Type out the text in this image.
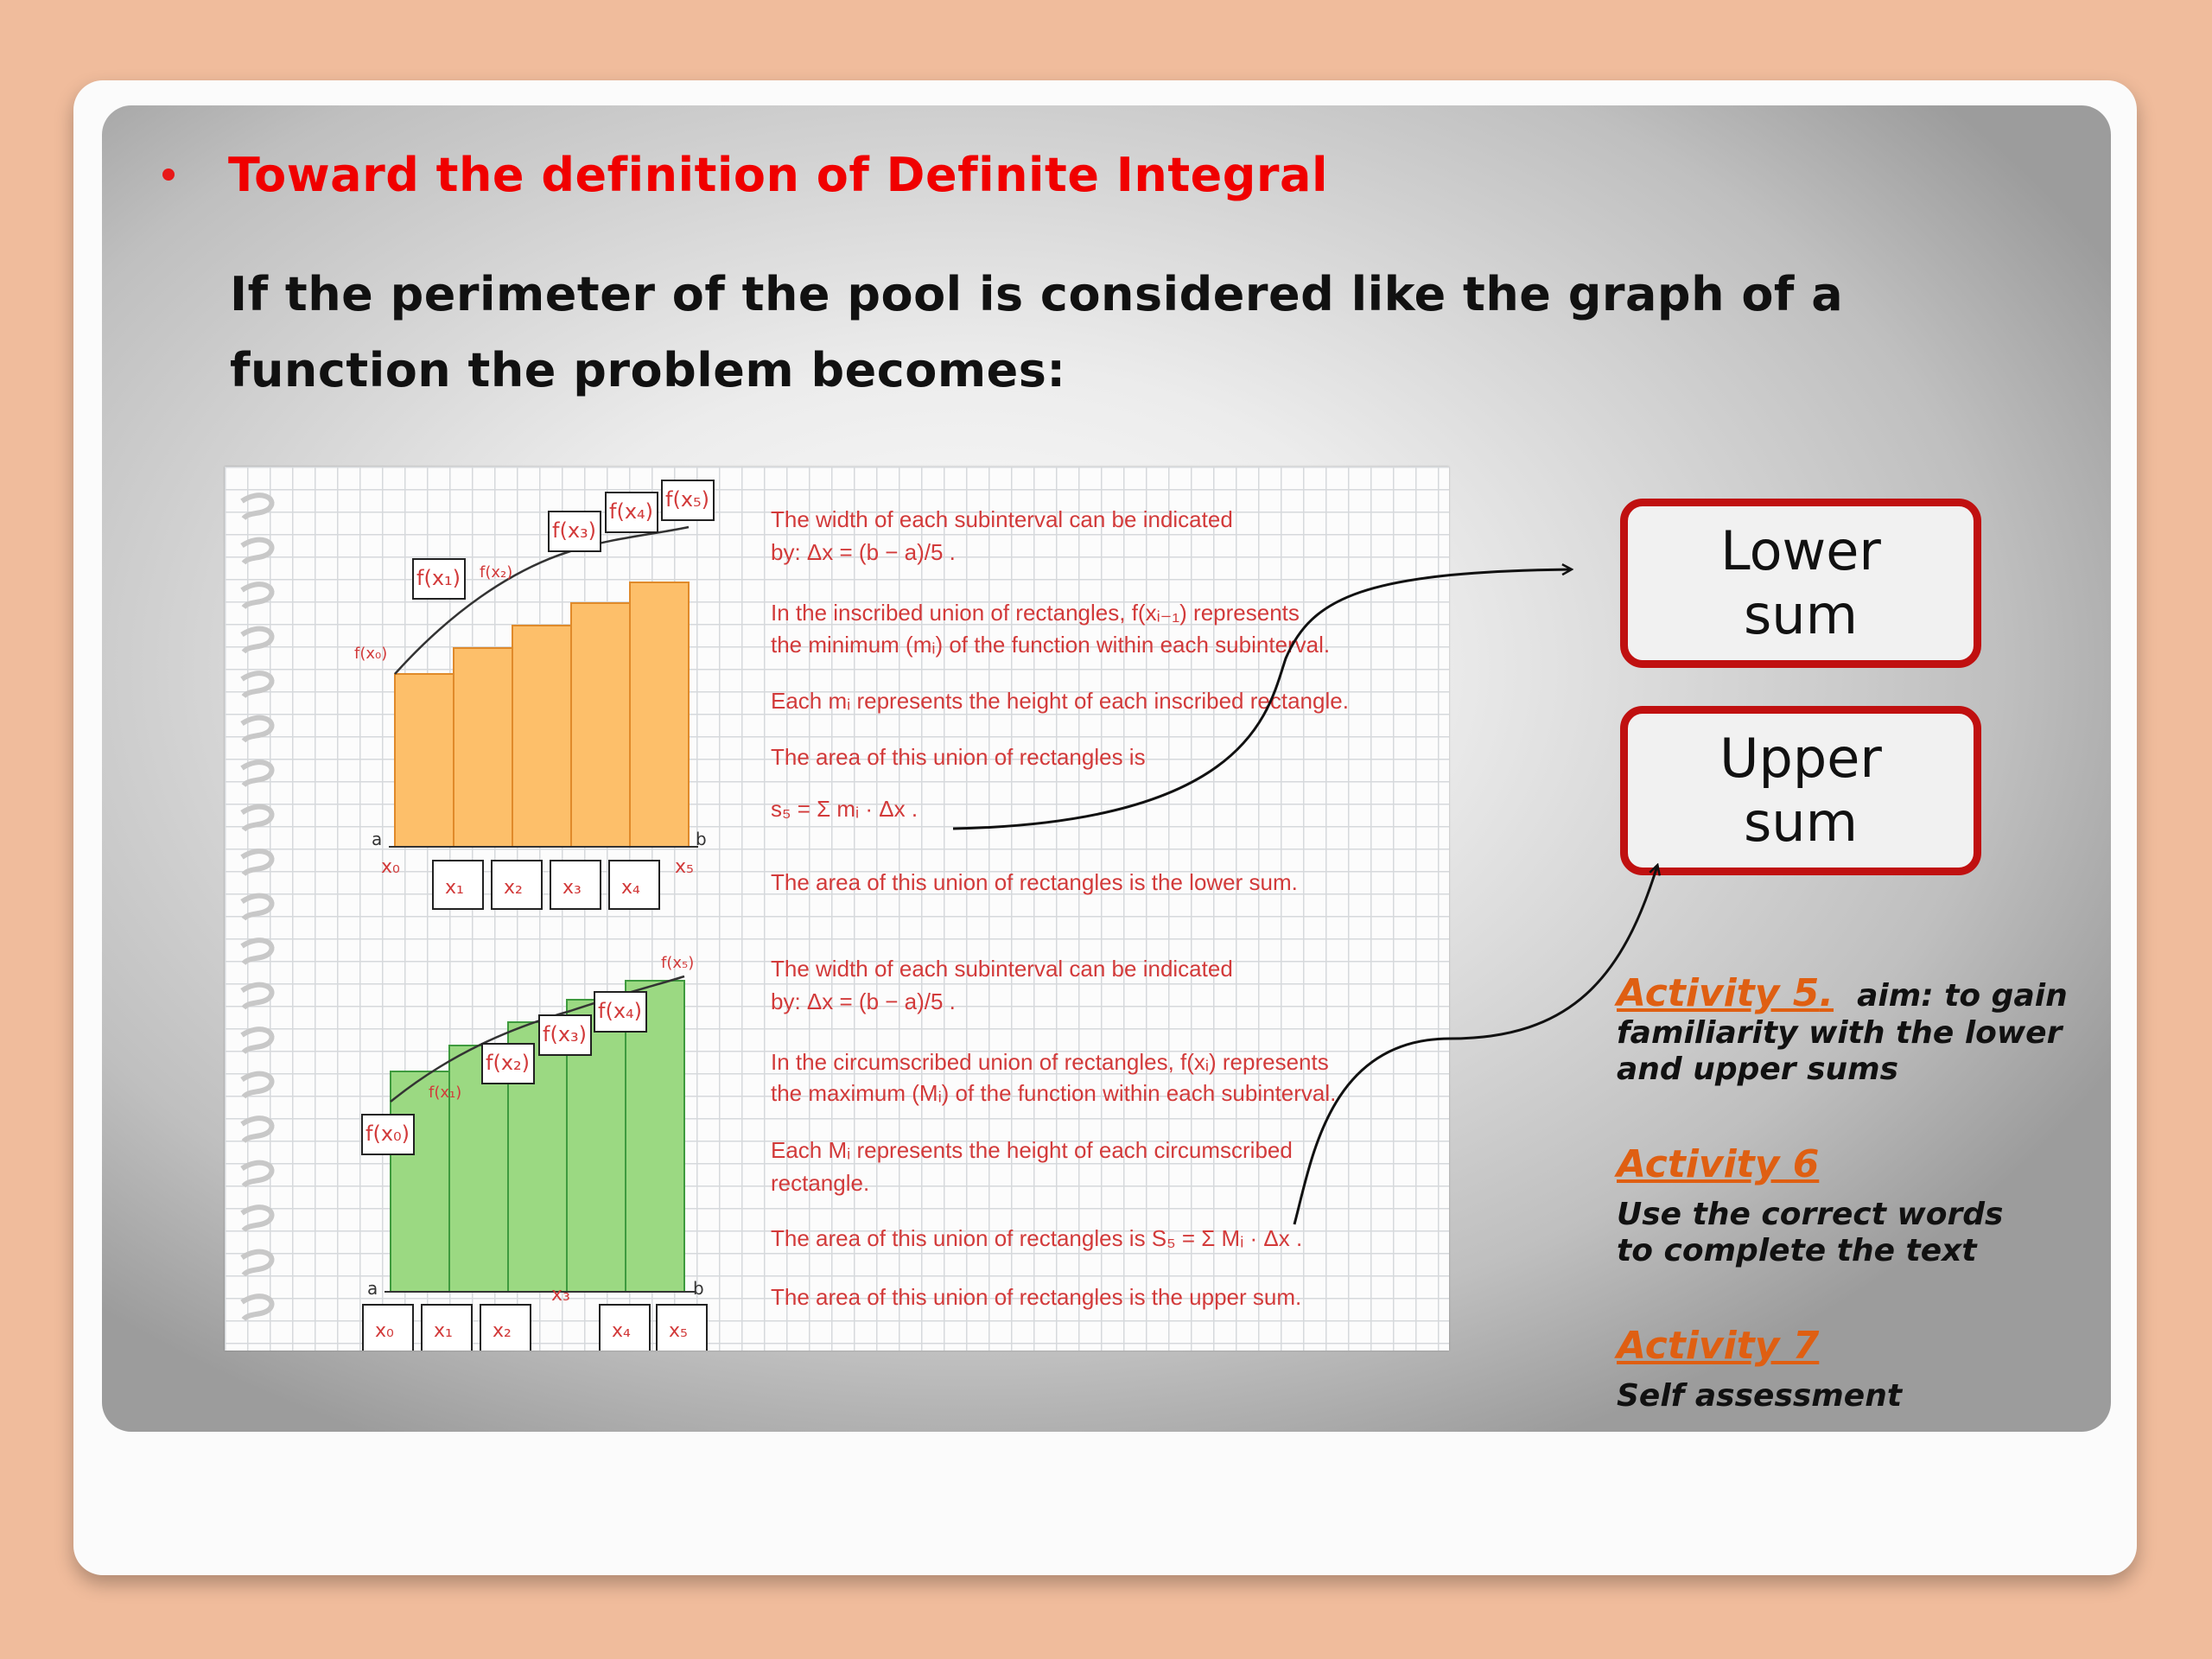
Toward the definition of Definite Integral
If the perimeter of the pool is considered like the graph of a function the problem becomes:
f(x₁) f(x₂)
f(x₃)
f(x₄) f(x₅)
f(x₀)
a	b
x₀
x₁ x₂ x₃ x₄
x₅
f(x₀)
f(x₁)
f(x₂)
f(x₃)
f(x₄)
f(x₅)
a	b
x₀ x₁ x₂
x₃
x₄ x₅
The width of each subinterval can be indicated
by: Δx = (b − a)/5 .
In the inscribed union of rectangles, f(xᵢ₋₁) represents
the minimum (mᵢ) of the function within each subinterval.
Each mᵢ represents the height of each inscribed rectangle.
The area of this union of rectangles is
s₅ = Σ mᵢ · Δx .
The area of this union of rectangles is the lower sum.
The width of each subinterval can be indicated
by: Δx = (b − a)/5 .
In the circumscribed union of rectangles, f(xᵢ) represents
the maximum (Mᵢ) of the function within each subinterval.
Each Mᵢ represents the height of each circumscribed
rectangle.
The area of this union of rectangles is S₅ = Σ Mᵢ · Δx .
The area of this union of rectangles is the upper sum.
Lower sum
Upper sum
Activity 5. aim: to gain familiarity with the lower and upper sums
Activity 6
Use the correct words to complete the text
Activity 7
Self assessment
